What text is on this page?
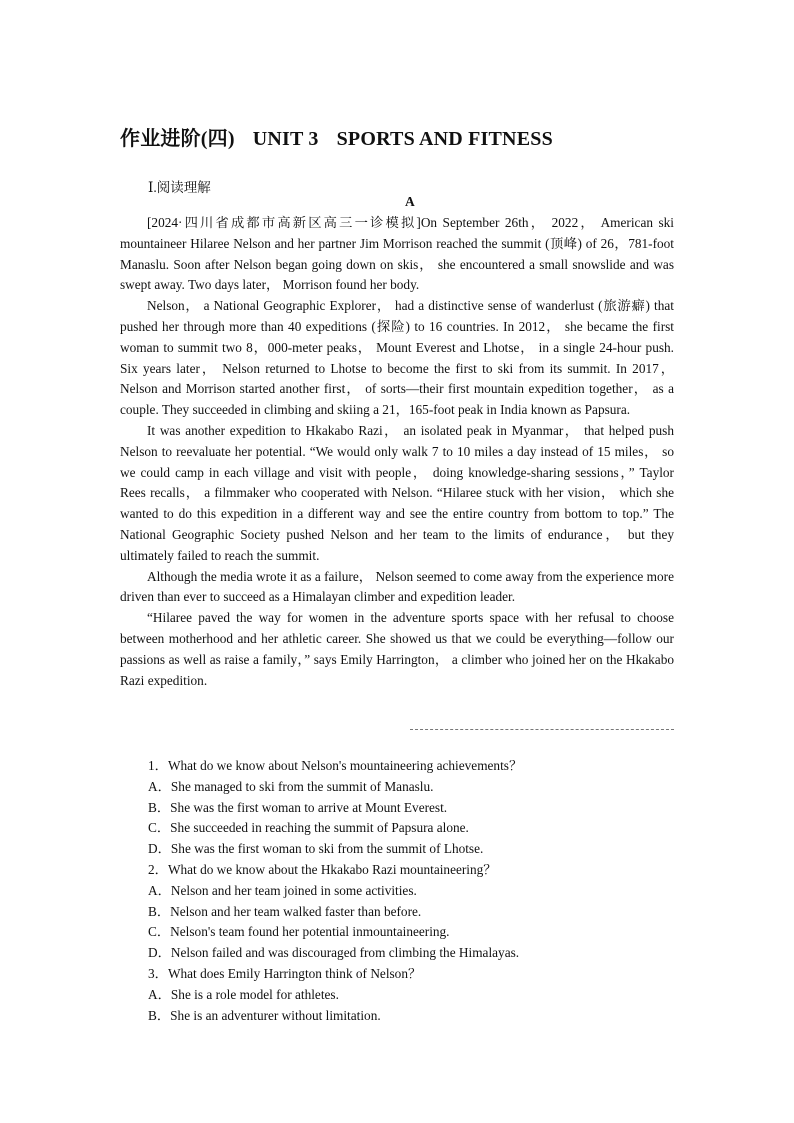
作业进阶(四) UNIT 3 SPORTS AND FITNESS
Ⅰ.阅读理解
A

[2024·四川省成都市高新区高三一诊模拟]On September 26th， 2022， American ski mountaineer Hilaree Nelson and her partner Jim Morrison reached the summit (顶峰) of 26，781-foot Manaslu. Soon after Nelson began going down on skis， she encountered a small snowslide and was swept away. Two days later， Morrison found her body.

Nelson， a National Geographic Explorer， had a distinctive sense of wanderlust (旅游癖) that pushed her through more than 40 expeditions (探险) to 16 countries. In 2012， she became the first woman to summit two 8，000-meter peaks， Mount Everest and Lhotse， in a single 24-hour push. Six years later， Nelson returned to Lhotse to become the first to ski from its summit. In 2017， Nelson and Morrison started another first， of sorts—their first mountain expedition together， as a couple. They succeeded in climbing and skiing a 21，165-foot peak in India known as Papsura.

It was another expedition to Hkakabo Razi， an isolated peak in Myanmar， that helped push Nelson to reevaluate her potential. “We would only walk 7 to 10 miles a day instead of 15 miles， so we could camp in each village and visit with people， doing knowledge-sharing sessions，” Taylor Rees recalls， a filmmaker who cooperated with Nelson. “Hilaree stuck with her vision， which she wanted to do this expedition in a different way and see the entire country from bottom to top.” The National Geographic Society pushed Nelson and her team to the limits of endurance， but they ultimately failed to reach the summit.

Although the media wrote it as a failure， Nelson seemed to come away from the experience more driven than ever to succeed as a Himalayan climber and expedition leader.

“Hilaree paved the way for women in the adventure sports space with her refusal to choose between motherhood and her athletic career. She showed us that we could be everything—follow our passions as well as raise a family，” says Emily Harrington， a climber who joined her on the Hkakabo Razi expedition.

1．What do we know about Nelson's mountaineering achievements？
A．She managed to ski from the summit of Manaslu.
B．She was the first woman to arrive at Mount Everest.
C．She succeeded in reaching the summit of Papsura alone.
D．She was the first woman to ski from the summit of Lhotse.
2．What do we know about the Hkakabo Razi mountaineering？
A．Nelson and her team joined in some activities.
B．Nelson and her team walked faster than before.
C．Nelson's team found her potential inmountaineering.
D．Nelson failed and was discouraged from climbing the Himalayas.
3．What does Emily Harrington think of Nelson？
A．She is a role model for athletes.
B．She is an adventurer without limitation.
